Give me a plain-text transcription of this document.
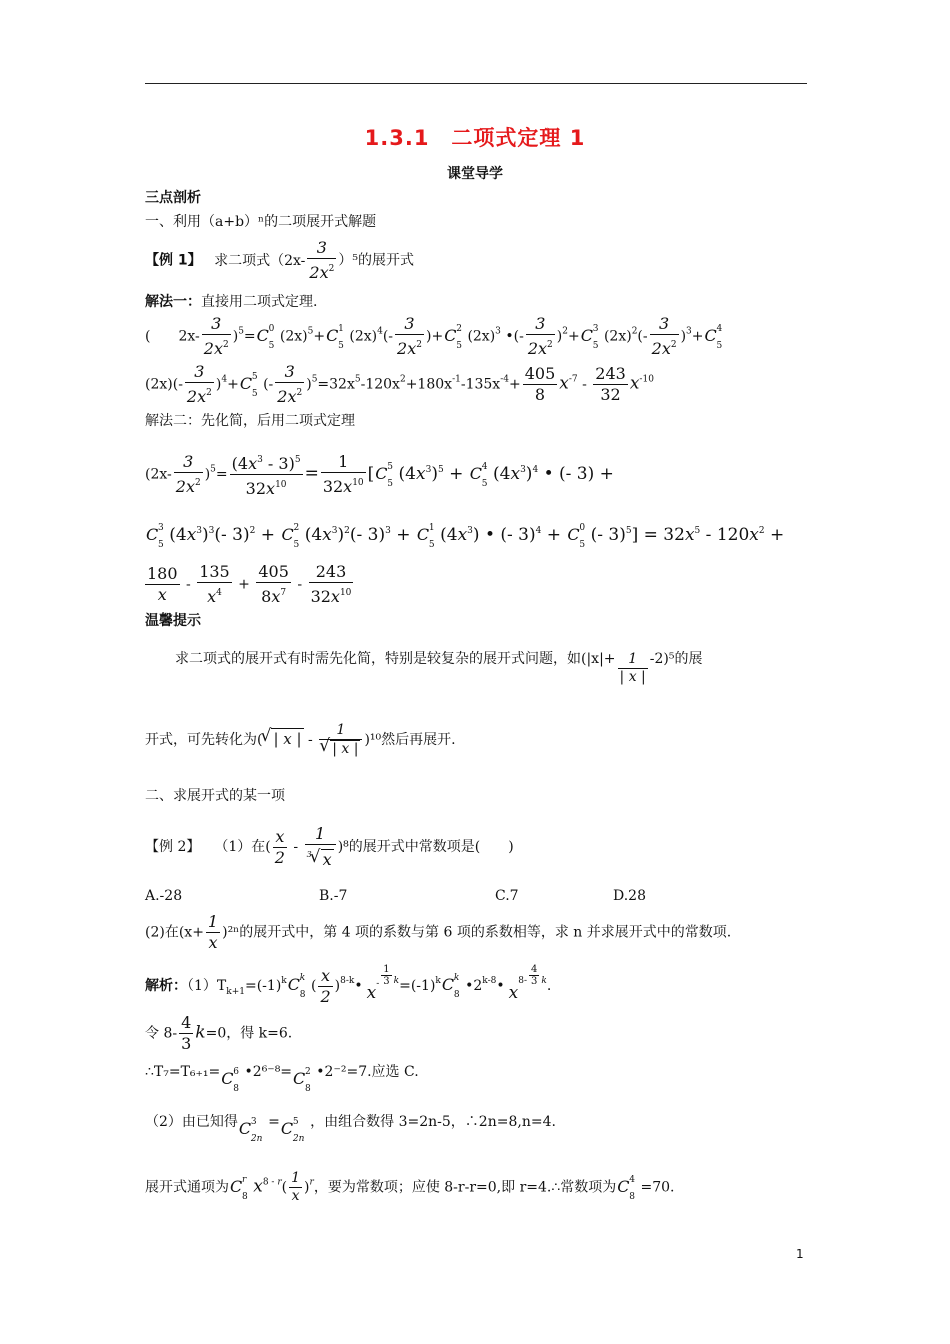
1.3.1　二项式定理 1
课堂导学
三点剖析
一、利用（a+b）ⁿ的二项展开式解题
【例 1】 求二项式$(2x- \frac{3}{2x^2} )^5$的展开式
解法一：直接用二项式定理.
( $2x- \frac{3}{2x^2} )^5=C$ 0
5
$(2x)^5+C$ 1
5
$(2x)^4(- \frac{3}{2x^2} )+C$ 2
5
$(2x)^3$ •(- $\frac{3}{2x^2} )^2+C$ 3
5
$(2x)^2(- \frac{3}{2x^2} )^3+C$ 4
5
$(2x)(- \frac{3}{2x^2} )^4+C$ 5
5
(- $\frac{3}{2x^2} )^5=32x^5-120x^2+180x^{-1}-135x^{-4}+ \frac{405}{8} x^{-7} - \frac{243}{32} x^{-10}$
解法二：先化简，后用二项式定理
$(2x- \frac{3}{2x^2} )^5= \frac{(4x^3 - 3)^5}{32x^{10}} = \frac{1}{32x^{10}} [C$ 5
5 $(4x^3)^5 + C$ 4
5 $(4x^3)^4$ • (- 3) +
C 3
5 $(4x^3)^3(-$ 3)$^2$ + C 2
5 $(4x^3)^2(-$ 3)$^3$ + C 1
5 $(4x^3)$ • (- 3)$^4$ + C 0
5 (- $3)^5] = 32x^5 - 120x^2$ +
$\frac{180}{x} - \frac{135}{x^4} + \frac{405}{8x^7} - \frac{243}{32x^{10}}$
温馨提示
求二项式的展开式有时需先化简，特别是较复杂的展开式问题，如$(|x|+ \frac{1}{| x |} -2)^5$的展
开式，可先转化为( √ | x | - 1
√ | x | )¹⁰然后再展开.
二、求展开式的某一项
【例 2】 （1）在( $\frac{x}{2} - \frac{1}{^3 √ x} )^8$的展开式中常数项是(　　)
A.-28	B.-7	C.7	D.28
(2)在$(x+ \frac{1}{x} )^{2n}$的展开式中，第 4 项的系数与第 6 项的系数相等，求 n 并求展开式中的常数项.
解析：$(1)T_{k+1}=(-1)^kC$ k
8
( $\frac{x}{2}$ )$^{8-k}$• $x^- \frac{1}{3} ^k=(-1)^kC$ k
8
•2$^{k-8}$• $x^{8-} \frac{4}{3} ^k$.
令 $8- \frac{4}{3} k=0$，得 k=6.
∴T₇=T₆₊₁=C 6
8
•2⁶⁻⁸=C 2
8
•2⁻²=7.应选 C.
（2）由已知得C 3
2n
=C 5
2n
，由组合数得 3=2n-5，∴2n=8,n=4.
展开式通项为C r
8 $x^{8 - r}( \frac{1}{x} )^r$，要为常数项；应使 8-r-r=0,即 r=4.∴常数项为C 4
8
=70.
1
